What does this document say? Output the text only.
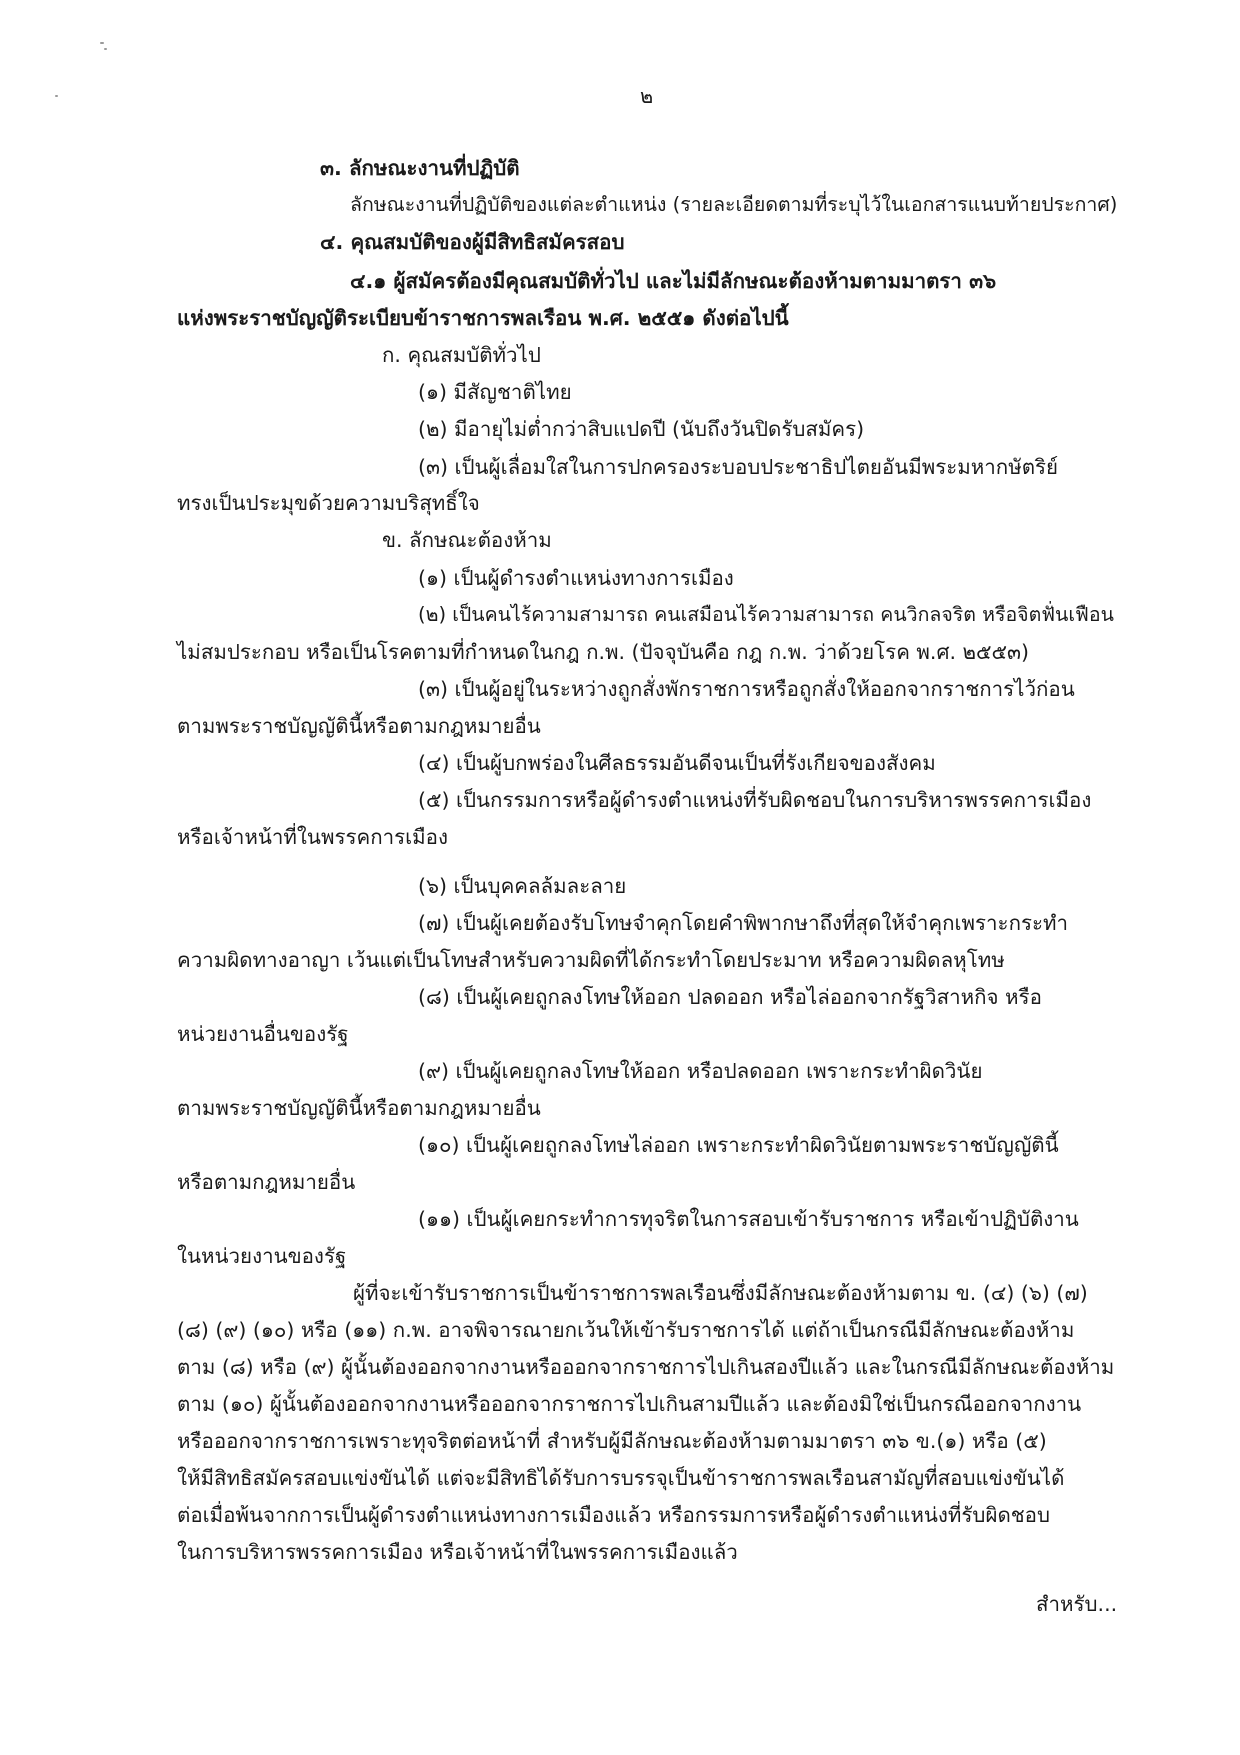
๒
๓. ลักษณะงานที่ปฏิบัติ
ลักษณะงานที่ปฏิบัติของแต่ละตำแหน่ง (รายละเอียดตามที่ระบุไว้ในเอกสารแนบท้ายประกาศ)
๔. คุณสมบัติของผู้มีสิทธิสมัครสอบ
๔.๑ ผู้สมัครต้องมีคุณสมบัติทั่วไป และไม่มีลักษณะต้องห้ามตามมาตรา ๓๖
แห่งพระราชบัญญัติระเบียบข้าราชการพลเรือน พ.ศ. ๒๕๕๑ ดังต่อไปนี้
ก. คุณสมบัติทั่วไป
(๑) มีสัญชาติไทย
(๒) มีอายุไม่ต่ำกว่าสิบแปดปี (นับถึงวันปิดรับสมัคร)
(๓) เป็นผู้เลื่อมใสในการปกครองระบอบประชาธิปไตยอันมีพระมหากษัตริย์
ทรงเป็นประมุขด้วยความบริสุทธิ์ใจ
ข. ลักษณะต้องห้าม
(๑) เป็นผู้ดำรงตำแหน่งทางการเมือง
(๒) เป็นคนไร้ความสามารถ คนเสมือนไร้ความสามารถ คนวิกลจริต หรือจิตฟั่นเฟือน
ไม่สมประกอบ หรือเป็นโรคตามที่กำหนดในกฎ ก.พ. (ปัจจุบันคือ กฎ ก.พ. ว่าด้วยโรค พ.ศ. ๒๕๕๓)
(๓) เป็นผู้อยู่ในระหว่างถูกสั่งพักราชการหรือถูกสั่งให้ออกจากราชการไว้ก่อน
ตามพระราชบัญญัตินี้หรือตามกฎหมายอื่น
(๔) เป็นผู้บกพร่องในศีลธรรมอันดีจนเป็นที่รังเกียจของสังคม
(๕) เป็นกรรมการหรือผู้ดำรงตำแหน่งที่รับผิดชอบในการบริหารพรรคการเมือง
หรือเจ้าหน้าที่ในพรรคการเมือง
(๖) เป็นบุคคลล้มละลาย
(๗) เป็นผู้เคยต้องรับโทษจำคุกโดยคำพิพากษาถึงที่สุดให้จำคุกเพราะกระทำ
ความผิดทางอาญา เว้นแต่เป็นโทษสำหรับความผิดที่ได้กระทำโดยประมาท หรือความผิดลหุโทษ
(๘) เป็นผู้เคยถูกลงโทษให้ออก ปลดออก หรือไล่ออกจากรัฐวิสาหกิจ หรือ
หน่วยงานอื่นของรัฐ
(๙) เป็นผู้เคยถูกลงโทษให้ออก หรือปลดออก เพราะกระทำผิดวินัย
ตามพระราชบัญญัตินี้หรือตามกฎหมายอื่น
(๑๐) เป็นผู้เคยถูกลงโทษไล่ออก เพราะกระทำผิดวินัยตามพระราชบัญญัตินี้
หรือตามกฎหมายอื่น
(๑๑) เป็นผู้เคยกระทำการทุจริตในการสอบเข้ารับราชการ หรือเข้าปฏิบัติงาน
ในหน่วยงานของรัฐ
ผู้ที่จะเข้ารับราชการเป็นข้าราชการพลเรือนซึ่งมีลักษณะต้องห้ามตาม ข. (๔) (๖) (๗)
(๘) (๙) (๑๐) หรือ (๑๑) ก.พ. อาจพิจารณายกเว้นให้เข้ารับราชการได้ แต่ถ้าเป็นกรณีมีลักษณะต้องห้าม
ตาม (๘) หรือ (๙) ผู้นั้นต้องออกจากงานหรือออกจากราชการไปเกินสองปีแล้ว และในกรณีมีลักษณะต้องห้าม
ตาม (๑๐) ผู้นั้นต้องออกจากงานหรือออกจากราชการไปเกินสามปีแล้ว และต้องมิใช่เป็นกรณีออกจากงาน
หรือออกจากราชการเพราะทุจริตต่อหน้าที่ สำหรับผู้มีลักษณะต้องห้ามตามมาตรา ๓๖ ข.(๑) หรือ (๕)
ให้มีสิทธิสมัครสอบแข่งขันได้ แต่จะมีสิทธิได้รับการบรรจุเป็นข้าราชการพลเรือนสามัญที่สอบแข่งขันได้
ต่อเมื่อพ้นจากการเป็นผู้ดำรงตำแหน่งทางการเมืองแล้ว หรือกรรมการหรือผู้ดำรงตำแหน่งที่รับผิดชอบ
ในการบริหารพรรคการเมือง หรือเจ้าหน้าที่ในพรรคการเมืองแล้ว
สำหรับ...
